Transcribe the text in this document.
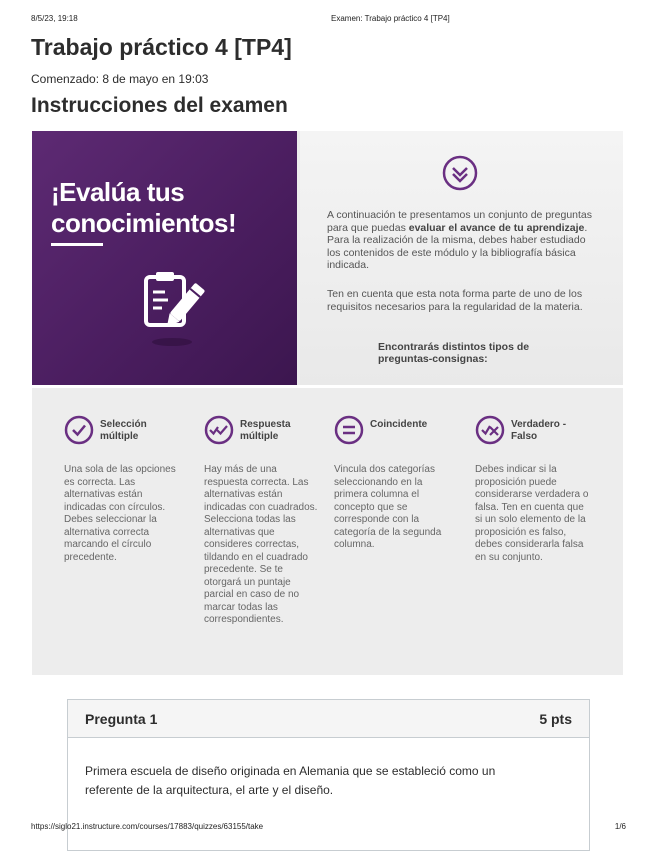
8/5/23, 19:18	Examen: Trabajo práctico 4 [TP4]
Trabajo práctico 4 [TP4]
Comenzado: 8 de mayo en 19:03
Instrucciones del examen
¡Evalúa tus
conocimientos!	A continuación te presentamos un conjunto de preguntas para que puedas evaluar el avance de tu aprendizaje. Para la realización de la misma, debes haber estudiado los contenidos de este módulo y la bibliografía básica indicada.
Ten en cuenta que esta nota forma parte de uno de los requisitos necesarios para la regularidad de la materia.
Encontrarás distintos tipos de preguntas-consignas:
Selección múltiple
Una sola de las opciones es correcta. Las alternativas están indicadas con círculos. Debes seleccionar la alternativa correcta marcando el círculo precedente.
Respuesta múltiple
Hay más de una respuesta correcta. Las alternativas están indicadas con cuadrados. Selecciona todas las alternativas que consideres correctas, tildando en el cuadrado precedente. Se te otorgará un puntaje parcial en caso de no marcar todas las correspondientes.
Coincidente
Vincula dos categorías seleccionando en la primera columna el concepto que se corresponde con la categoría de la segunda columna.
Verdadero - Falso
Debes indicar si la proposición puede considerarse verdadera o falsa. Ten en cuenta que si un solo elemento de la proposición es falso, debes considerarla falsa en su conjunto.
Pregunta 1	5 pts
Primera escuela de diseño originada en Alemania que se estableció como un referente de la arquitectura, el arte y el diseño.
https://siglo21.instructure.com/courses/17883/quizzes/63155/take	1/6
